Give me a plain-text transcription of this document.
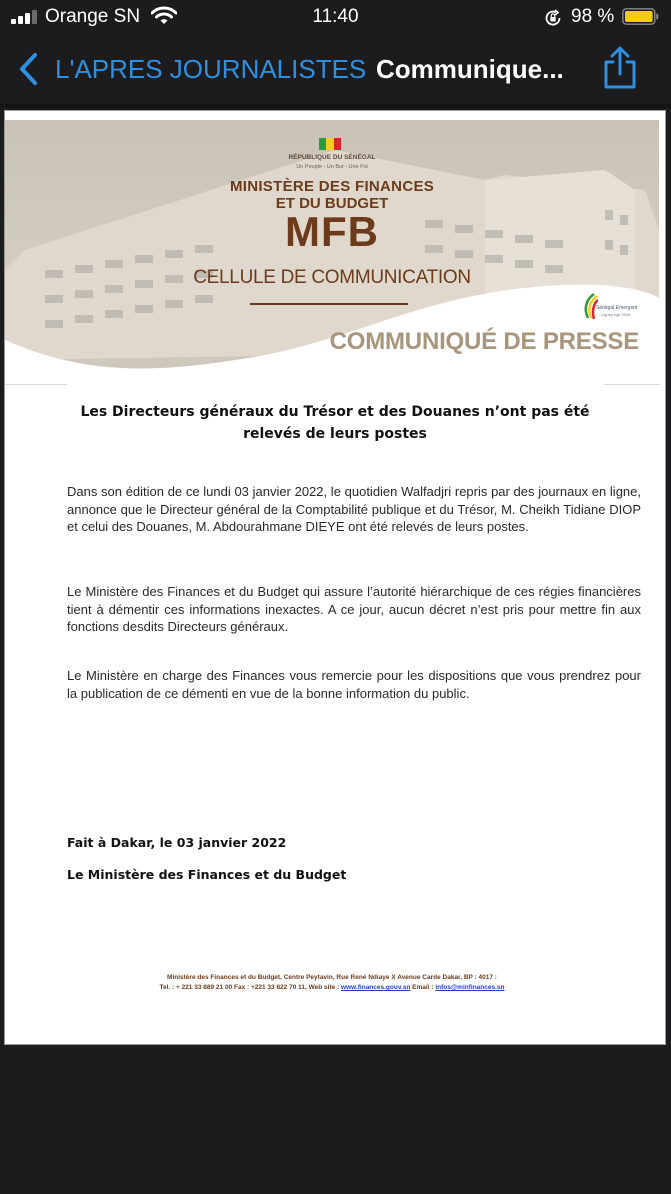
Orange SN	11:40	98 %
L'APRES JOURNALISTES Communique...
RÉPUBLIQUE DU SÉNÉGAL
Un Peuple - Un But - Une Foi
MINISTÈRE DES FINANCES
ET DU BUDGET
MFB
CELLULE DE COMMUNICATION
Sénégal Emergent
Liguey ngir 2035
COMMUNIQUÉ DE PRESSE
Les Directeurs généraux du Trésor et des Douanes n’ont pas été relevés de leurs postes
Dans son édition de ce lundi 03 janvier 2022, le quotidien Walfadjri repris par des journaux en ligne, annonce que le Directeur général de la Comptabilité publique et du Trésor, M. Cheikh Tidiane DIOP et celui des Douanes, M. Abdourahmane DIEYE ont été relevés de leurs postes.
Le Ministère des Finances et du Budget qui assure l’autorité hiérarchique de ces régies financières tient à démentir ces informations inexactes. A ce jour, aucun décret n’est pris pour mettre fin aux fonctions desdits Directeurs généraux.
Le Ministère en charge des Finances vous remercie pour les dispositions que vous prendrez pour la publication de ce démenti en vue de la bonne information du public.
Fait à Dakar, le 03 janvier 2022
Le Ministère des Finances et du Budget
Ministère des Finances et du Budget, Centre Peytavin, Rue René Ndiaye X Avenue Carde Dakar, BP : 4017 :
Tel. : + 221 33 889 21 00 Fax : +221 33 822 70 11, Web site : www.finances.gouv.sn Email : infos@minfinances.sn
